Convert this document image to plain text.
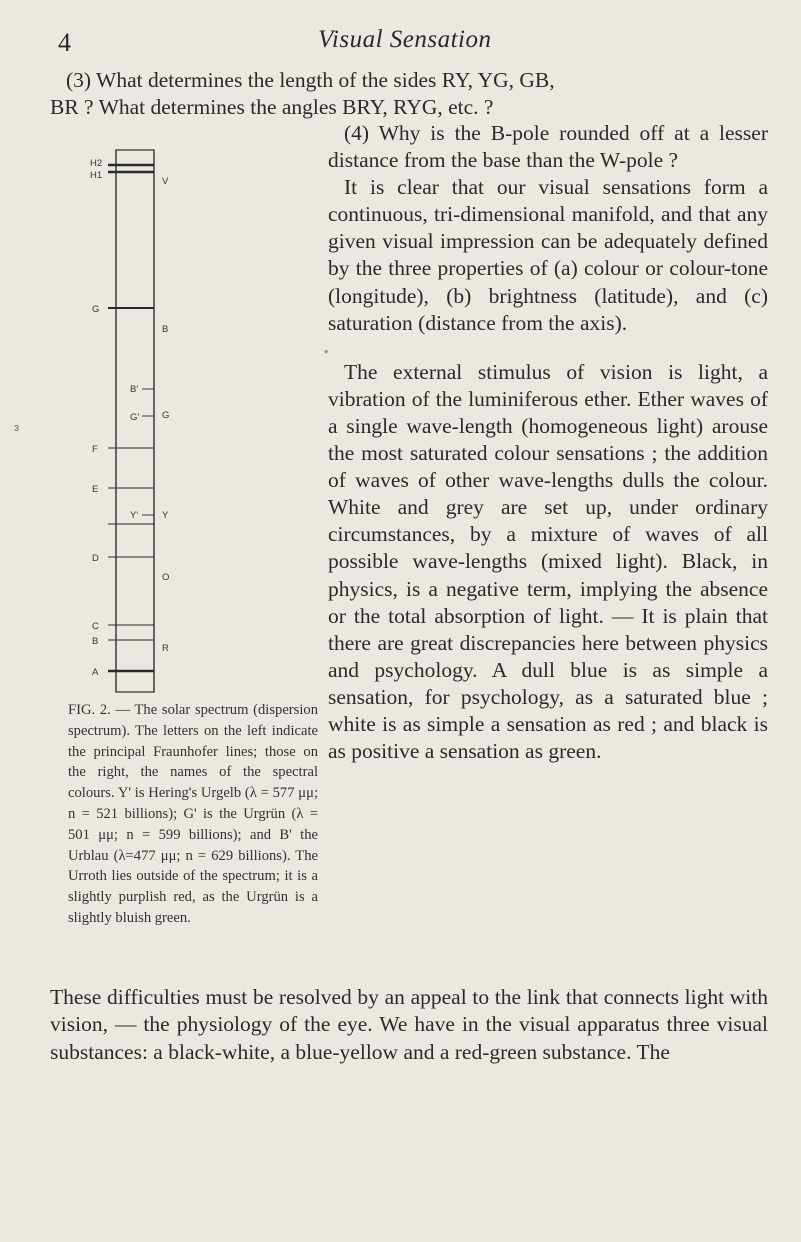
4	Visual Sensation
(3) What determines the length of the sides RY, YG, GB,
BR ? What determines the angles BRY, RYG, etc. ?
H2
H1
G
F
E
D
C
B
A
V
B
G
Y
O
R
B'
G'
Y'
FIG. 2. — The solar spectrum (dispersion spectrum). The letters on the left indicate the principal Fraunhofer lines; those on the right, the names of the spectral colours. Y' is Hering's Urgelb (λ = 577 μμ; n = 521 billions); G' is the Urgrün (λ = 501 μμ; n = 599 billions); and B' the Urblau (λ=477 μμ; n = 629 billions). The Urroth lies outside of the spectrum; it is a slightly purplish red, as the Urgrün is a slightly bluish green.

(4) Why is the B-pole rounded off at a lesser distance from the base than the W-pole ?

It is clear that our visual sensations form a continuous, tri-dimensional manifold, and that any given visual impression can be adequately defined by the three properties of (a) colour or colour-tone (longitude), (b) brightness (latitude), and (c) saturation (distance from the axis).

The external stimulus of vision is light, a vibration of the luminiferous ether. Ether waves of a single wave-length (homogeneous light) arouse the most saturated colour sensations ; the addition of waves of other wave-lengths dulls the colour. White and grey are set up, under ordinary circumstances, by a mixture of waves of all possible wave-lengths (mixed light). Black, in physics, is a negative term, implying the absence or the total absorption of light. — It is plain that there are great discrepancies here between physics and psychology. A dull blue is as simple a sensation, for psychology, as a saturated blue ; white is as simple a sensation as red ; and black is as positive a sensation as green.

These difficulties must be resolved by an appeal to the link that connects light with vision, — the physiology of the eye. We have in the visual apparatus three visual substances: a black-white, a blue-yellow and a red-green substance. The

ɜ
*
